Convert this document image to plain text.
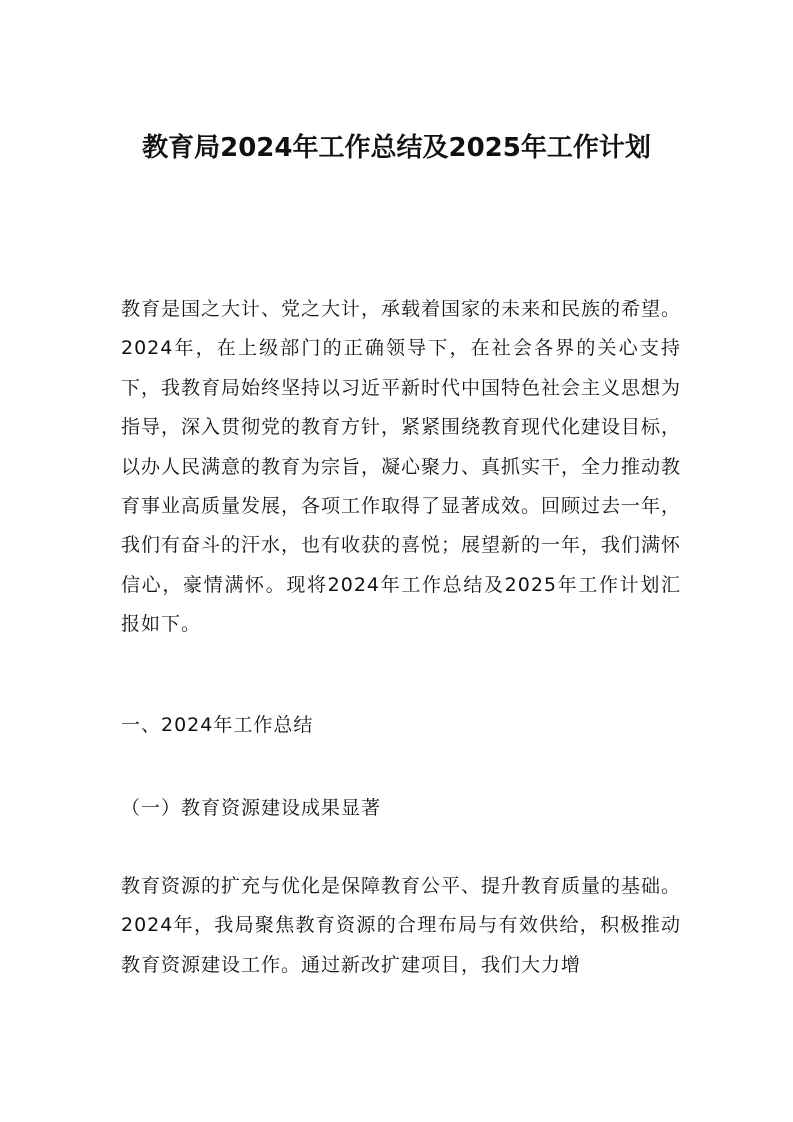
教育局2024年工作总结及2025年工作计划
教育是国之大计、党之大计，承载着国家的未来和民族的希望。2024年，在上级部门的正确领导下，在社会各界的关心支持下，我教育局始终坚持以习近平新时代中国特色社会主义思想为指导，深入贯彻党的教育方针，紧紧围绕教育现代化建设目标，以办人民满意的教育为宗旨，凝心聚力、真抓实干，全力推动教育事业高质量发展，各项工作取得了显著成效。回顾过去一年，我们有奋斗的汗水，也有收获的喜悦；展望新的一年，我们满怀信心，豪情满怀。现将2024年工作总结及2025年工作计划汇报如下。
一、2024年工作总结
（一）教育资源建设成果显著
教育资源的扩充与优化是保障教育公平、提升教育质量的基础。2024年，我局聚焦教育资源的合理布局与有效供给，积极推动教育资源建设工作。通过新改扩建项目，我们大力增
